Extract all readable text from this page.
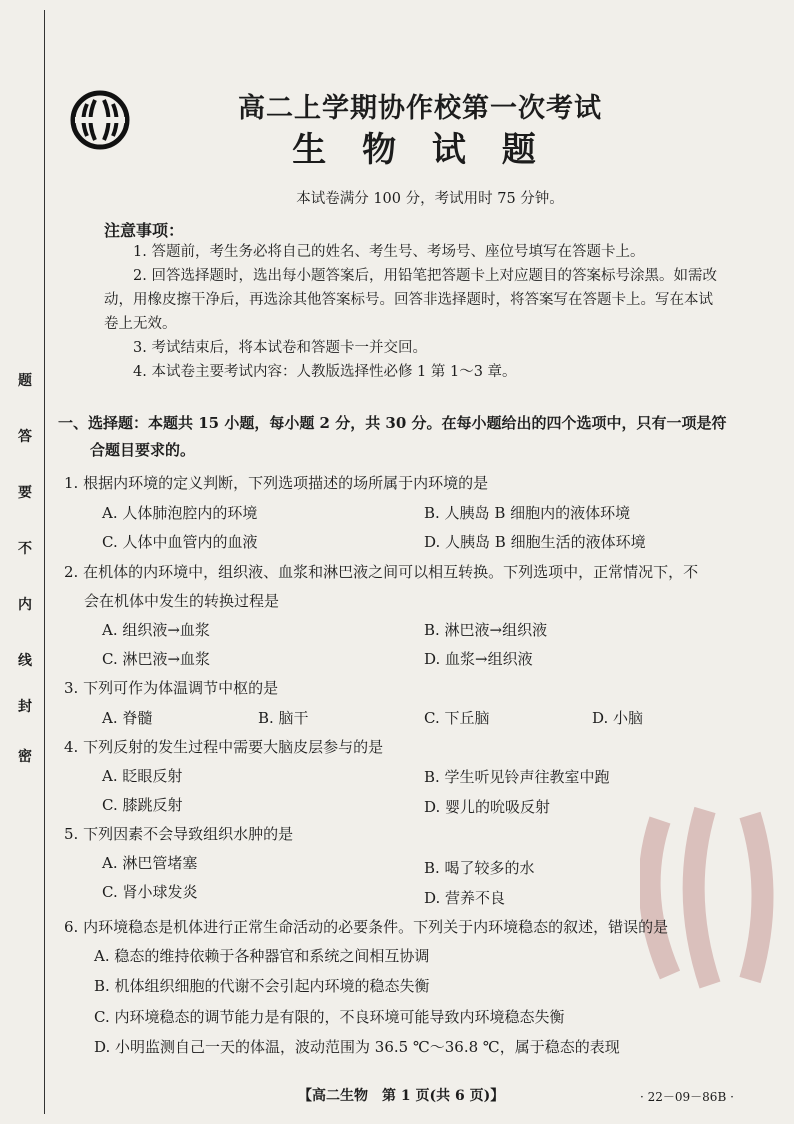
题
答
要
不
内
线
封
密
高二上学期协作校第一次考试
生 物 试 题
本试卷满分 100 分，考试用时 75 分钟。
注意事项：

1. 答题前，考生务必将自己的姓名、考生号、考场号、座位号填写在答题卡上。

2. 回答选择题时，选出每小题答案后，用铅笔把答题卡上对应题目的答案标号涂黑。如需改动，用橡皮擦干净后，再选涂其他答案标号。回答非选择题时，将答案写在答题卡上。写在本试卷上无效。

3. 考试结束后，将本试卷和答题卡一并交回。

4. 本试卷主要考试内容：人教版选择性必修 1 第 1～3 章。

一、选择题：本题共 15 小题，每小题 2 分，共 30 分。在每小题给出的四个选项中，只有一项是符
合题目要求的。
1. 根据内环境的定义判断，下列选项描述的场所属于内环境的是
A. 人体肺泡腔内的环境	B. 人胰岛 B 细胞内的液体环境
C. 人体中血管内的血液	D. 人胰岛 B 细胞生活的液体环境
2. 在机体的内环境中，组织液、血浆和淋巴液之间可以相互转换。下列选项中，正常情况下，不
会在机体中发生的转换过程是
A. 组织液→血浆	B. 淋巴液→组织液
C. 淋巴液→血浆	D. 血浆→组织液
3. 下列可作为体温调节中枢的是
A. 脊髓	B. 脑干	C. 下丘脑	D. 小脑
4. 下列反射的发生过程中需要大脑皮层参与的是
A. 眨眼反射	B. 学生听见铃声往教室中跑
C. 膝跳反射	D. 婴儿的吮吸反射
5. 下列因素不会导致组织水肿的是
A. 淋巴管堵塞	B. 喝了较多的水
C. 肾小球发炎	D. 营养不良
6. 内环境稳态是机体进行正常生命活动的必要条件。下列关于内环境稳态的叙述，错误的是
A. 稳态的维持依赖于各种器官和系统之间相互协调
B. 机体组织细胞的代谢不会引起内环境的稳态失衡
C. 内环境稳态的调节能力是有限的，不良环境可能导致内环境稳态失衡
D. 小明监测自己一天的体温，波动范围为 36.5 ℃～36.8 ℃，属于稳态的表现
【高二生物　第 1 页(共 6 页)】	· 22－09－86B ·
